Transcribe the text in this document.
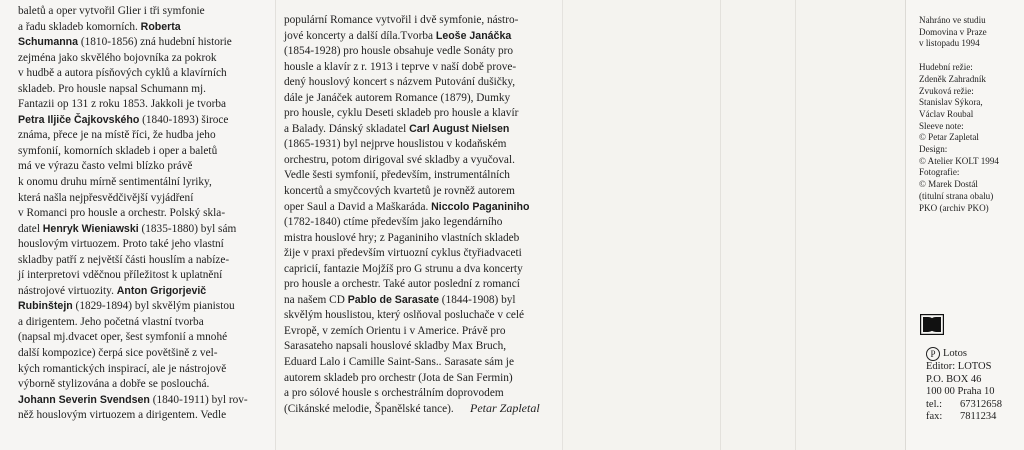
baletů a oper vytvořil Glier i tři symfonie

a řadu skladeb komorních. Roberta

Schumanna (1810-1856) zná hudební historie

zejména jako skvělého bojovníka za pokrok

v hudbě a autora písňových cyklů a klavírních

skladeb. Pro housle napsal Schumann mj.

Fantazii op 131 z roku 1853. Jakkoli je tvorba

Petra Iljiče Čajkovského (1840-1893) široce

známa, přece je na místě říci, že hudba jeho

symfonií, komorních skladeb i oper a baletů

má ve výrazu často velmi blízko právě

k onomu druhu mírně sentimentální lyriky,

která našla nejpřesvědčivější vyjádření

v Romanci pro housle a orchestr. Polský skla-

datel Henryk Wieniawski (1835-1880) byl sám

houslovým virtuozem. Proto také jeho vlastní

skladby patří z největší části houslím a nabíze-

jí interpretovi vděčnou příležitost k uplatnění

nástrojové virtuozity. Anton Grigorjevič

Rubinštejn (1829-1894) byl skvělým pianistou

a dirigentem. Jeho početná vlastní tvorba

(napsal mj.dvacet oper, šest symfonií a mnohé

další kompozice) čerpá sice povětšině z vel-

kých romantických inspirací, ale je nástrojově

výborně stylizována a dobře se poslouchá.

Johann Severin Svendsen (1840-1911) byl rov-

něž houslovým virtuozem a dirigentem. Vedle

populární Romance vytvořil i dvě symfonie, nástro-

jové koncerty a další díla.Tvorba Leoše Janáčka

(1854-1928) pro housle obsahuje vedle Sonáty pro

housle a klavír z r. 1913 i teprve v naší době prove-

dený houslový koncert s názvem Putování dušičky,

dále je Janáček autorem Romance (1879), Dumky

pro housle, cyklu Deseti skladeb pro housle a klavír

a Balady. Dánský skladatel Carl August Nielsen

(1865-1931) byl nejprve houslistou v kodaňském

orchestru, potom dirigoval své skladby a vyučoval.

Vedle šesti symfonií, především, instrumentálních

koncertů a smyčcových kvartetů je rovněž autorem

oper Saul a David a Maškaráda. Niccolo Paganiniho

(1782-1840) ctíme především jako legendárního

mistra houslové hry; z Paganiniho vlastních skladeb

žije v praxi především virtuozní cyklus čtyřiadvaceti

capricií, fantazie Mojžíš pro G strunu a dva koncerty

pro housle a orchestr. Také autor poslední z romancí

na našem CD Pablo de Sarasate (1844-1908) byl

skvělým houslistou, který oslňoval posluchače v celé

Evropě, v zemích Orientu i v Americe. Právě pro

Sarasateho napsali houslové skladby Max Bruch,

Eduard Lalo i Camille Saint-Sans.. Sarasate sám je

autorem skladeb pro orchestr (Jota de San Fermin)

a pro sólové housle s orchestrálním doprovodem

(Cikánské melodie, Španělské tance).	Petar Zapletal
Nahráno ve studiu
Domovina v Praze
v listopadu 1994
Hudební režie:
Zdeněk Zahradník
Zvuková režie:
Stanislav Sýkora,
Václav Roubal
Sleeve note:
© Petar Zapletal
Design:
© Atelier KOLT 1994
Fotografie:
© Marek Dostál
(titulní strana obalu)
PKO (archiv PKO)
P Lotos
Editor: LOTOS
P.O. BOX 46
100 00 Praha 10
tel.: 67312658
fax: 7811234
